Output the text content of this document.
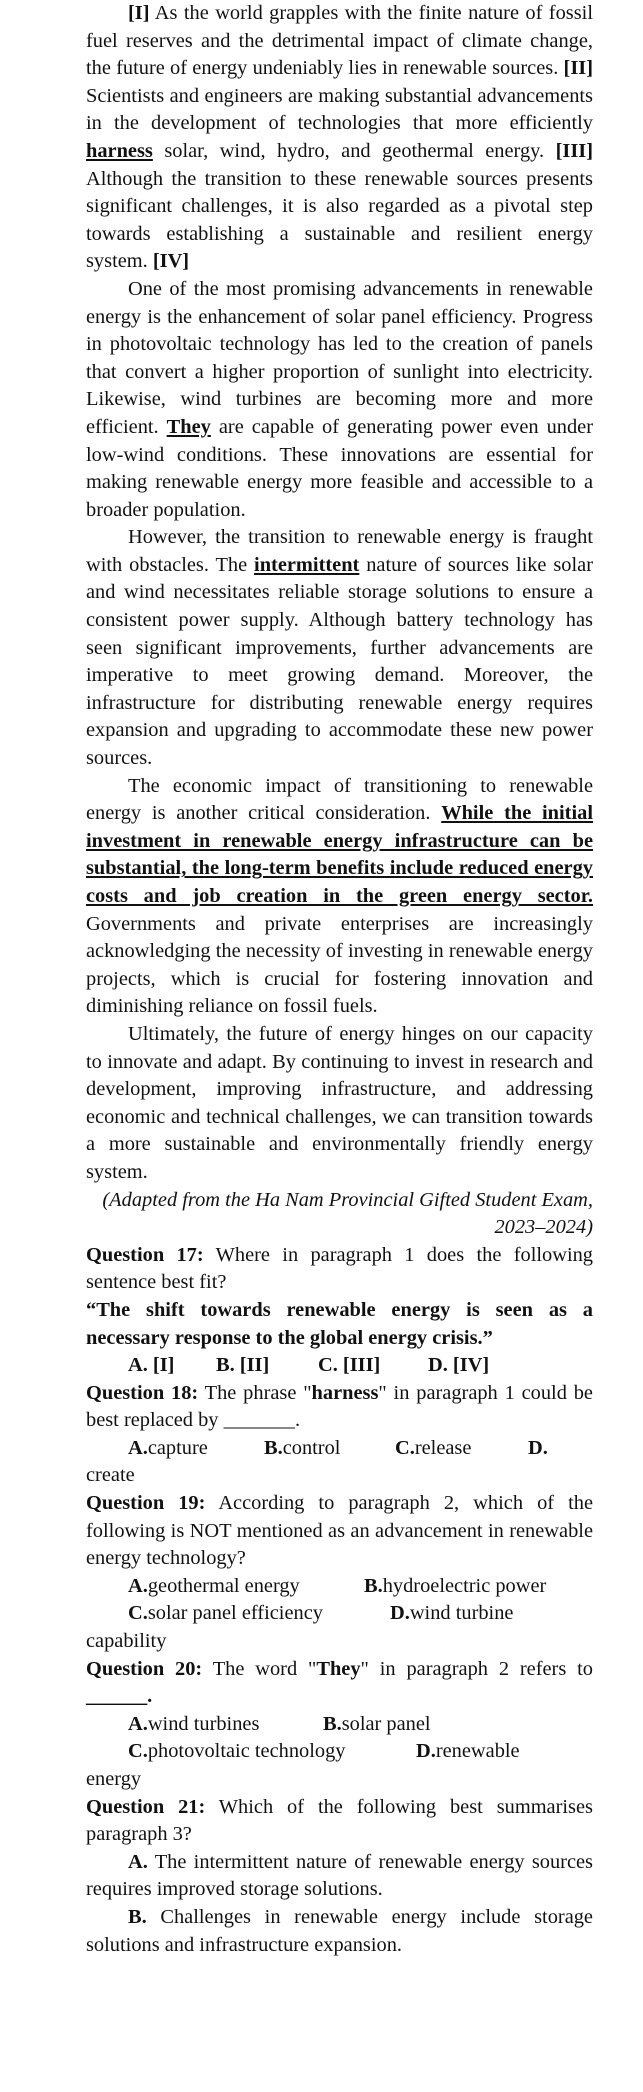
[I] As the world grapples with the finite nature of fossil fuel reserves and the detrimental impact of climate change, the future of energy undeniably lies in renewable sources. [II] Scientists and engineers are making substantial advancements in the development of technologies that more efficiently harness solar, wind, hydro, and geothermal energy. [III] Although the transition to these renewable sources presents significant challenges, it is also regarded as a pivotal step towards establishing a sustainable and resilient energy system. [IV]

One of the most promising advancements in renewable energy is the enhancement of solar panel efficiency. Progress in photovoltaic technology has led to the creation of panels that convert a higher proportion of sunlight into electricity. Likewise, wind turbines are becoming more and more efficient. They are capable of generating power even under low-wind conditions. These innovations are essential for making renewable energy more feasible and accessible to a broader population.

However, the transition to renewable energy is fraught with obstacles. The intermittent nature of sources like solar and wind necessitates reliable storage solutions to ensure a consistent power supply. Although battery technology has seen significant improvements, further advancements are imperative to meet growing demand. Moreover, the infrastructure for distributing renewable energy requires expansion and upgrading to accommodate these new power sources.

The economic impact of transitioning to renewable energy is another critical consideration. While the initial investment in renewable energy infrastructure can be substantial, the long-term benefits include reduced energy costs and job creation in the green energy sector. Governments and private enterprises are increasingly acknowledging the necessity of investing in renewable energy projects, which is crucial for fostering innovation and diminishing reliance on fossil fuels.

Ultimately, the future of energy hinges on our capacity to innovate and adapt. By continuing to invest in research and development, improving infrastructure, and addressing economic and technical challenges, we can transition towards a more sustainable and environmentally friendly energy system.

(Adapted from the Ha Nam Provincial Gifted Student Exam, 2023–2024)

Question 17: Where in paragraph 1 does the following sentence best fit?

“The shift towards renewable energy is seen as a necessary response to the global energy crisis.”

A. [I]	B. [II]	C. [III]	D. [IV]

Question 18: The phrase "harness" in paragraph 1 could be best replaced by _______.

A.capture	B.control	C.release	D.

create

Question 19: According to paragraph 2, which of the following is NOT mentioned as an advancement in renewable energy technology?

A.geothermal energy	B.hydroelectric power
C.solar panel efficiency	D.wind turbine

capability

Question 20: The word "They" in paragraph 2 refers to ______.

A.wind turbines	B.solar panel
C.photovoltaic technology	D.renewable

energy

Question 21: Which of the following best summarises paragraph 3?

A. The intermittent nature of renewable energy sources requires improved storage solutions.

B. Challenges in renewable energy include storage solutions and infrastructure expansion.
